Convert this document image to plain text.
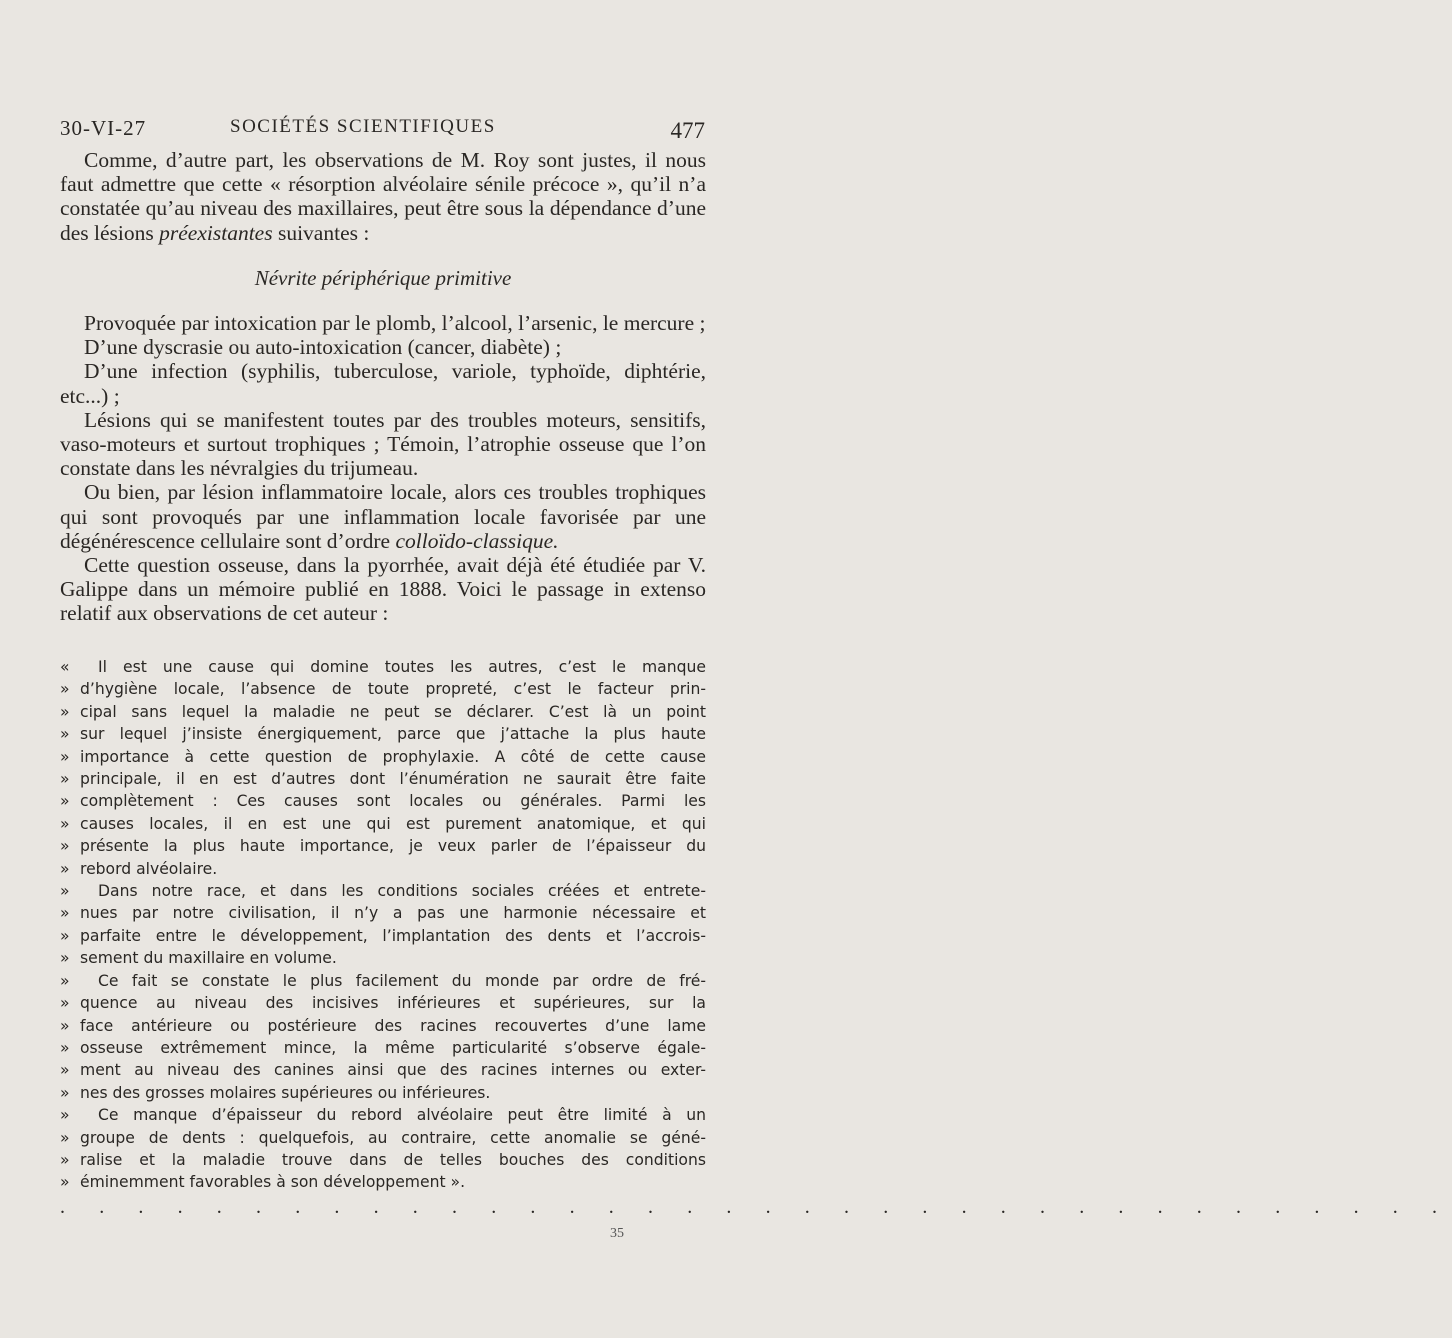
30-VI-27	SOCIÉTÉS SCIENTIFIQUES	477

Comme, d’autre part, les observations de M. Roy sont justes, il nous faut admettre que cette « résorption alvéolaire sénile précoce », qu’il n’a constatée qu’au niveau des maxillaires, peut être sous la dépendance d’une des lésions préexistantes suivantes :

Névrite périphérique primitive

Provoquée par intoxication par le plomb, l’alcool, l’arsenic, le mercure ;

D’une dyscrasie ou auto-intoxication (cancer, diabète) ;

D’une infection (syphilis, tuberculose, variole, typhoïde, diphtérie, etc...) ;

Lésions qui se manifestent toutes par des troubles moteurs, sensitifs, vaso-moteurs et surtout trophiques ; Témoin, l’atrophie osseuse que l’on constate dans les névralgies du trijumeau.

Ou bien, par lésion inflammatoire locale, alors ces troubles trophiques qui sont provoqués par une inflammation locale favorisée par une dégénérescence cellulaire sont d’ordre colloïdo-classique.

Cette question osseuse, dans la pyorrhée, avait déjà été étudiée par V. Galippe dans un mémoire publié en 1888. Voici le passage in extenso relatif aux observations de cet auteur :

«	Il est une cause qui domine toutes les autres, c’est le manque
» d’hygiène locale, l’absence de toute propreté, c’est le facteur prin-
» cipal sans lequel la maladie ne peut se déclarer. C’est là un point
» sur lequel j’insiste énergiquement, parce que j’attache la plus haute
» importance à cette question de prophylaxie. A côté de cette cause
» principale, il en est d’autres dont l’énumération ne saurait être faite
» complètement : Ces causes sont locales ou générales. Parmi les
» causes locales, il en est une qui est purement anatomique, et qui
» présente la plus haute importance, je veux parler de l’épaisseur du
» rebord alvéolaire.
»	Dans notre race, et dans les conditions sociales créées et entrete-
» nues par notre civilisation, il n’y a pas une harmonie nécessaire et
» parfaite entre le développement, l’implantation des dents et l’accrois-
» sement du maxillaire en volume.
»	Ce fait se constate le plus facilement du monde par ordre de fré-
» quence au niveau des incisives inférieures et supérieures, sur la
» face antérieure ou postérieure des racines recouvertes d’une lame
» osseuse extrêmement mince, la même particularité s’observe égale-
» ment au niveau des canines ainsi que des racines internes ou exter-
» nes des grosses molaires supérieures ou inférieures.
»	Ce manque d’épaisseur du rebord alvéolaire peut être limité à un
» groupe de dents : quelquefois, au contraire, cette anomalie se géné-
» ralise et la maladie trouve dans de telles bouches des conditions
» éminemment favorables à son développement ».
. . . . . . . . . . . . . . . . . . . . . . . . . . . . . . . . . . . .
35
